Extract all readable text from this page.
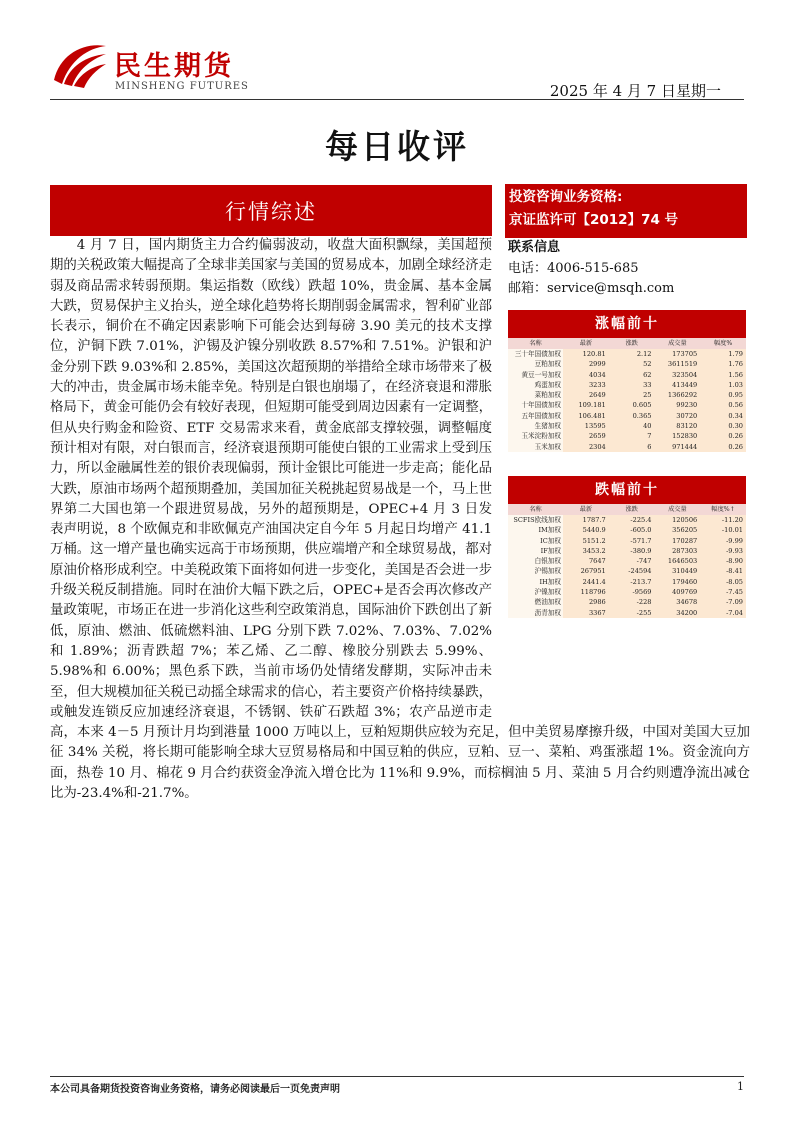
民生期货
MINSHENG FUTURES	2025 年 4 月 7 日星期一
每日收评
行情综述
投资咨询业务资格:
京证监许可【2012】74 号
联系信息
电话：4006-515-685
邮箱：service@msqh.com
涨幅前十
名称	最新	涨跌	成交量	幅度%
三十年国债加权	120.81	2.12	173705	1.79
豆粕加权	2999	52	3611519	1.76
黄豆一号加权	4034	62	323504	1.56
鸡蛋加权	3233	33	413449	1.03
菜粕加权	2649	25	1366292	0.95
十年国债加权	109.181	0.605	99230	0.56
五年国债加权	106.481	0.365	30720	0.34
生猪加权	13595	40	83120	0.30
玉米淀粉加权	2659	7	152830	0.26
玉米加权	2304	6	971444	0.26
跌幅前十
名称	最新	涨跌	成交量	幅度%↑
SCFIS欧线加权	1787.7	-225.4	120506	-11.20
IM加权	5440.9	-605.0	356205	-10.01
IC加权	5151.2	-571.7	170287	-9.99
IF加权	3453.2	-380.9	287303	-9.93
白银加权	7647	-747	1646503	-8.90
沪锡加权	267951	-24594	310449	-8.41
IH加权	2441.4	-213.7	179460	-8.05
沪镍加权	118796	-9569	409769	-7.45
燃油加权	2986	-228	34678	-7.09
沥青加权	3367	-255	34200	-7.04

4 月 7 日，国内期货主力合约偏弱波动，收盘大面积飘绿，美国超预期的关税政策大幅提高了全球非美国家与美国的贸易成本，加剧全球经济走弱及商品需求转弱预期。集运指数（欧线）跌超 10%，贵金属、基本金属大跌，贸易保护主义抬头，逆全球化趋势将长期削弱金属需求，智利矿业部长表示，铜价在不确定因素影响下可能会达到每磅 3.90 美元的技术支撑位，沪铜下跌 7.01%，沪锡及沪镍分别收跌 8.57%和 7.51%。沪银和沪金分别下跌 9.03%和 2.85%，美国这次超预期的举措给全球市场带来了极大的冲击，贵金属市场未能幸免。特别是白银也崩塌了，在经济衰退和滞胀格局下，黄金可能仍会有较好表现，但短期可能受到周边因素有一定调整，但从央行购金和险资、ETF 交易需求来看，黄金底部支撑较强，调整幅度预计相对有限，对白银而言，经济衰退预期可能使白银的工业需求上受到压力，所以金融属性差的银价表现偏弱，预计金银比可能进一步走高；能化品大跌，原油市场两个超预期叠加，美国加征关税挑起贸易战是一个，马上世界第二大国也第一个跟进贸易战，另外的超预期是，OPEC+4 月 3 日发表声明说，8 个欧佩克和非欧佩克产油国决定自今年 5 月起日均增产 41.1 万桶。这一增产量也确实远高于市场预期，供应端增产和全球贸易战，都对原油价格形成利空。中美税政策下面将如何进一步变化，美国是否会进一步升级关税反制措施。同时在油价大幅下跌之后，OPEC+是否会再次修改产量政策呢，市场正在进一步消化这些利空政策消息，国际油价下跌创出了新低，原油、燃油、低硫燃料油、LPG 分别下跌 7.02%、7.03%、7.02%和 1.89%；沥青跌超 7%；苯乙烯、乙二醇、橡胶分别跌去 5.99%、5.98%和 6.00%；黑色系下跌，当前市场仍处情绪发酵期，实际冲击未至，但大规模加征关税已动摇全球需求的信心，若主要资产价格持续暴跌，或触发连锁反应加速经济衰退，不锈钢、铁矿石跌超 3%；农产品逆市走高，本来 4－5 月预计月均到港量 1000 万吨以上，豆粕短期供应较为充足，但中美贸易摩擦升级，中国对美国大豆加征 34% 关税，将长期可能影响全球大豆贸易格局和中国豆粕的供应，豆粕、豆一、菜粕、鸡蛋涨超 1%。资金流向方面，热卷 10 月、棉花 9 月合约获资金净流入增仓比为 11%和 9.9%，而棕榈油 5 月、菜油 5 月合约则遭净流出减仓比为-23.4%和-21.7%。

本公司具备期货投资咨询业务资格，请务必阅读最后一页免责声明	1
